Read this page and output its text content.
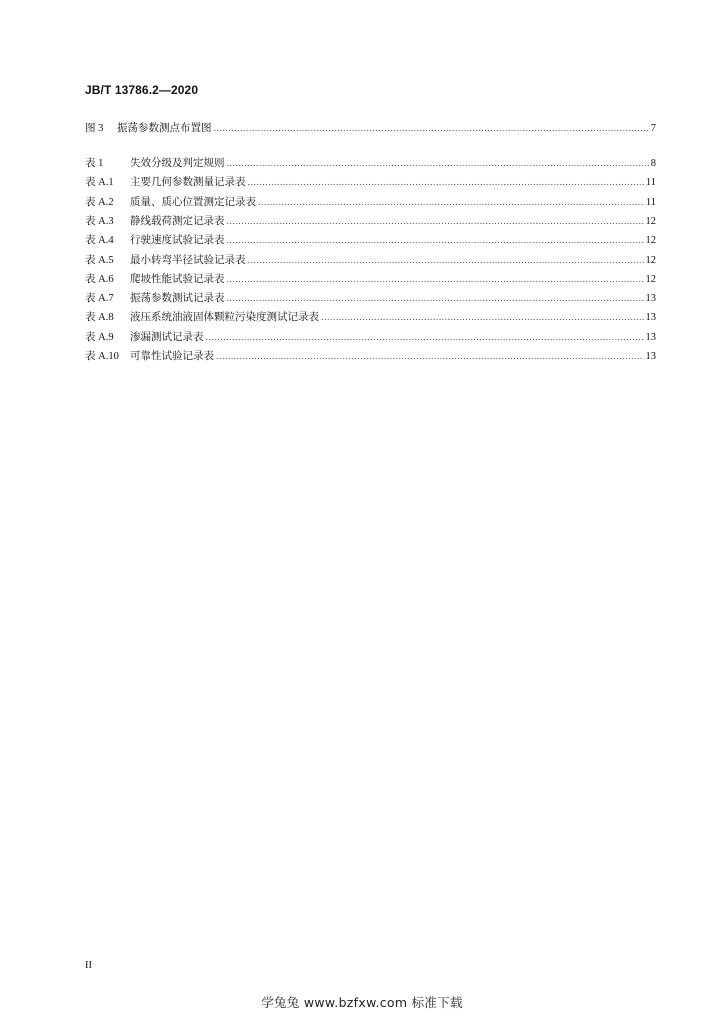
JB/T 13786.2—2020
图 3	振荡参数测点布置图 .....	7
表 1	失效分级及判定规则 .....	8
表 A.1	主要几何参数测量记录表 .....	11
表 A.2	质量、质心位置测定记录表 .....	11
表 A.3	静线载荷测定记录表 .....	12
表 A.4	行驶速度试验记录表 .....	12
表 A.5	最小转弯半径试验记录表 .....	12
表 A.6	爬坡性能试验记录表 .....	12
表 A.7	振荡参数测试记录表 .....	13
表 A.8	液压系统油液固体颗粒污染度测试记录表 .....	13
表 A.9	渗漏测试记录表 .....	13
表 A.10	可靠性试验记录表 .....	13
II
学兔兔 www.bzfxw.com 标准下载
